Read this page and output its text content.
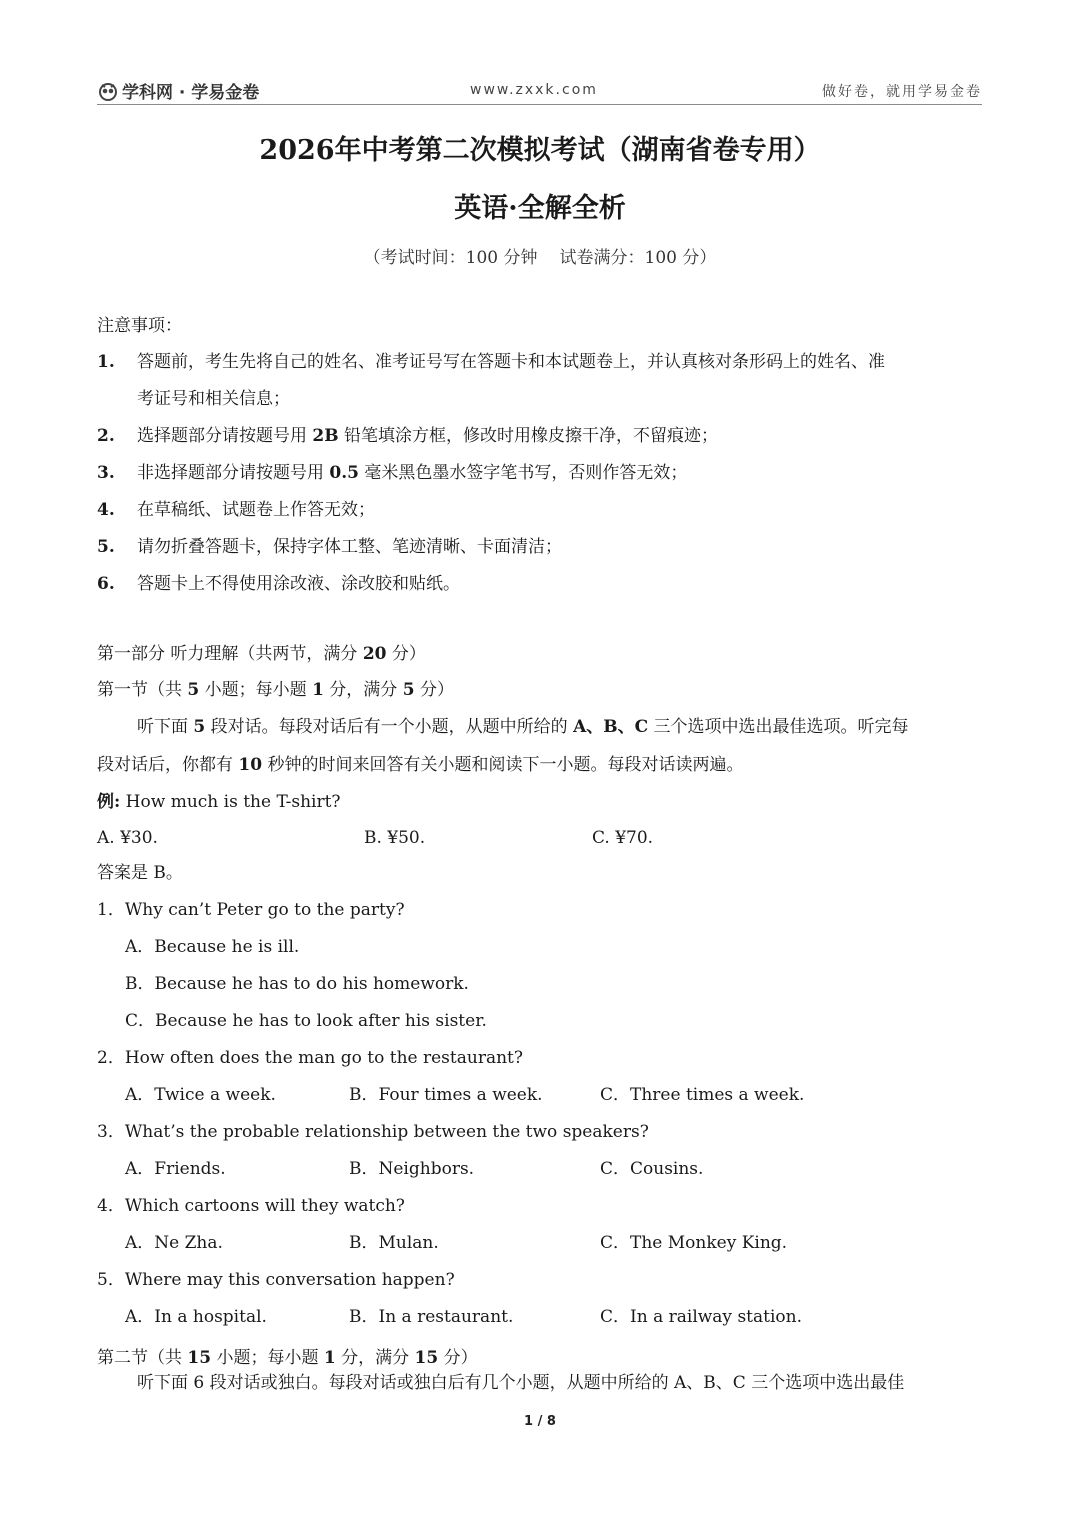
学科网 · 学易金卷	www.zxxk.com	做好卷，就用学易金卷
2026年中考第二次模拟考试（湖南省卷专用）
英语·全解全析
（考试时间：100 分钟 试卷满分：100 分）
注意事项：
1. 答题前，考生先将自己的姓名、准考证号写在答题卡和本试题卷上，并认真核对条形码上的姓名、准
考证号和相关信息；
2. 选择题部分请按题号用 2B 铅笔填涂方框，修改时用橡皮擦干净，不留痕迹；
3. 非选择题部分请按题号用 0.5 毫米黑色墨水签字笔书写，否则作答无效；
4. 在草稿纸、试题卷上作答无效；
5. 请勿折叠答题卡，保持字体工整、笔迹清晰、卡面清洁；
6. 答题卡上不得使用涂改液、涂改胶和贴纸。
第一部分 听力理解（共两节，满分 20 分）
第一节（共 5 小题；每小题 1 分，满分 5 分）
听下面 5 段对话。每段对话后有一个小题，从题中所给的 A、B、C 三个选项中选出最佳选项。听完每
段对话后，你都有 10 秒钟的时间来回答有关小题和阅读下一小题。每段对话读两遍。
例: How much is the T-shirt?
A. ¥30.	B. ¥50.	C. ¥70.
答案是 B。
1．Why can’t Peter go to the party?
A．Because he is ill.
B．Because he has to do his homework.
C．Because he has to look after his sister.
2．How often does the man go to the restaurant?
A．Twice a week.	B．Four times a week.	C．Three times a week.
3．What’s the probable relationship between the two speakers?
A．Friends.	B．Neighbors.	C．Cousins.
4．Which cartoons will they watch?
A．Ne Zha.	B．Mulan.	C．The Monkey King.
5．Where may this conversation happen?
A．In a hospital.	B．In a restaurant.	C．In a railway station.
第二节（共 15 小题；每小题 1 分，满分 15 分）
听下面 6 段对话或独白。每段对话或独白后有几个小题，从题中所给的 A、B、C 三个选项中选出最佳
1 / 8
